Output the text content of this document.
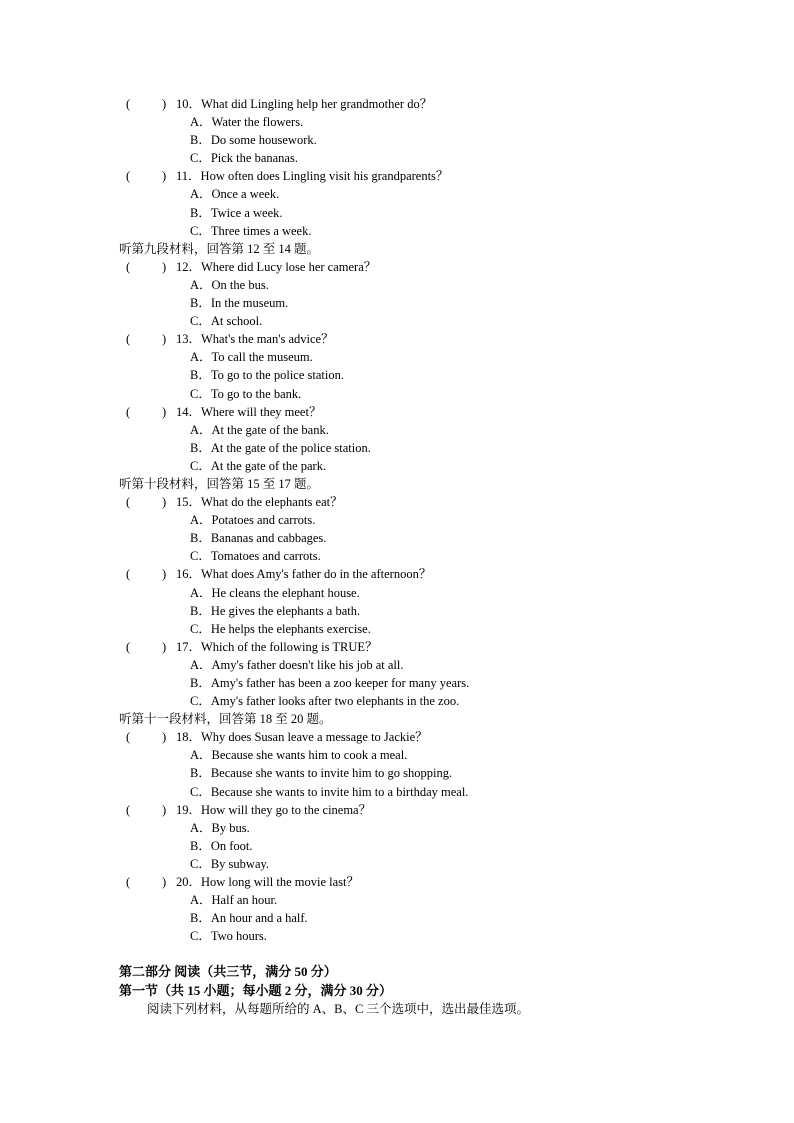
(	) 10．What did Lingling help her grandmother do？
A．Water the flowers.
B．Do some housework.
C．Pick the bananas.
(	) 11．How often does Lingling visit his grandparents？
A．Once a week.
B．Twice a week.
C．Three times a week.
听第九段材料，回答第 12 至 14 题。
(	) 12．Where did Lucy lose her camera？
A．On the bus.
B．In the museum.
C．At school.
(	) 13．What's the man's advice？
A．To call the museum.
B．To go to the police station.
C．To go to the bank.
(	) 14．Where will they meet？
A．At the gate of the bank.
B．At the gate of the police station.
C．At the gate of the park.
听第十段材料，回答第 15 至 17 题。
(	) 15．What do the elephants eat？
A．Potatoes and carrots.
B．Bananas and cabbages.
C．Tomatoes and carrots.
(	) 16．What does Amy's father do in the afternoon？
A．He cleans the elephant house.
B．He gives the elephants a bath.
C．He helps the elephants exercise.
(	) 17．Which of the following is TRUE？
A．Amy's father doesn't like his job at all.
B．Amy's father has been a zoo keeper for many years.
C．Amy's father looks after two elephants in the zoo.
听第十一段材料，回答第 18 至 20 题。
(	) 18．Why does Susan leave a message to Jackie？
A．Because she wants him to cook a meal.
B．Because she wants to invite him to go shopping.
C．Because she wants to invite him to a birthday meal.
(	) 19．How will they go to the cinema？
A．By bus.
B．On foot.
C．By subway.
(	) 20．How long will the movie last？
A．Half an hour.
B．An hour and a half.
C．Two hours.
第二部分 阅读（共三节，满分 50 分）
第一节（共 15 小题；每小题 2 分，满分 30 分）
阅读下列材料，从每题所给的 A、B、C 三个选项中，选出最佳选项。
